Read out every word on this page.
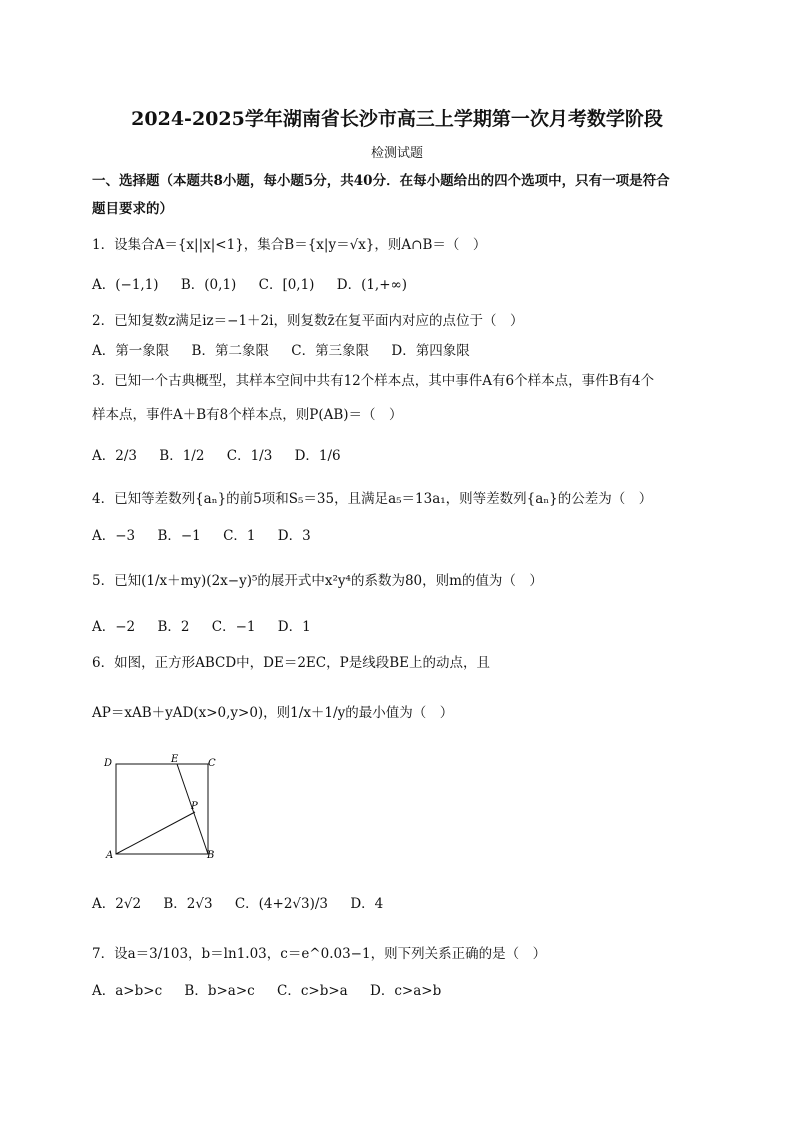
2024-2025学年湖南省长沙市高三上学期第一次月考数学阶段
检测试题
一、选择题（本题共8小题，每小题5分，共40分．在每小题给出的四个选项中，只有一项是符合
题目要求的）
1．设集合A＝{x||x|<1}，集合B＝{x|y＝√x}，则A∩B＝（　）
A．(−1,1) B．(0,1) C．[0,1) D．(1,+∞)
2．已知复数z满足iz＝−1＋2i，则复数z̄在复平面内对应的点位于（　）
A．第一象限 B．第二象限 C．第三象限 D．第四象限
3．已知一个古典概型，其样本空间中共有12个样本点，其中事件A有6个样本点，事件B有4个
样本点，事件A＋B有8个样本点，则P(AB)＝（　）
A．2/3 B．1/2 C．1/3 D．1/6
4．已知等差数列{aₙ}的前5项和S₅＝35，且满足a₅＝13a₁，则等差数列{aₙ}的公差为（　）
A．−3 B．−1 C．1 D．3
5．已知(1/x＋my)(2x−y)⁵的展开式中x²y⁴的系数为80，则m的值为（　）
A．−2 B．2 C．−1 D．1
6．如图，正方形ABCD中，DE＝2EC，P是线段BE上的动点，且
AP＝xAB＋yAD(x>0,y>0)，则1/x＋1/y的最小值为（　）
D	E	C
P
A	B
A．2√2 B．2√3 C．(4+2√3)/3 D．4
7．设a＝3/103，b＝ln1.03，c＝e^0.03−1，则下列关系正确的是（　）
A．a>b>c B．b>a>c C．c>b>a D．c>a>b
